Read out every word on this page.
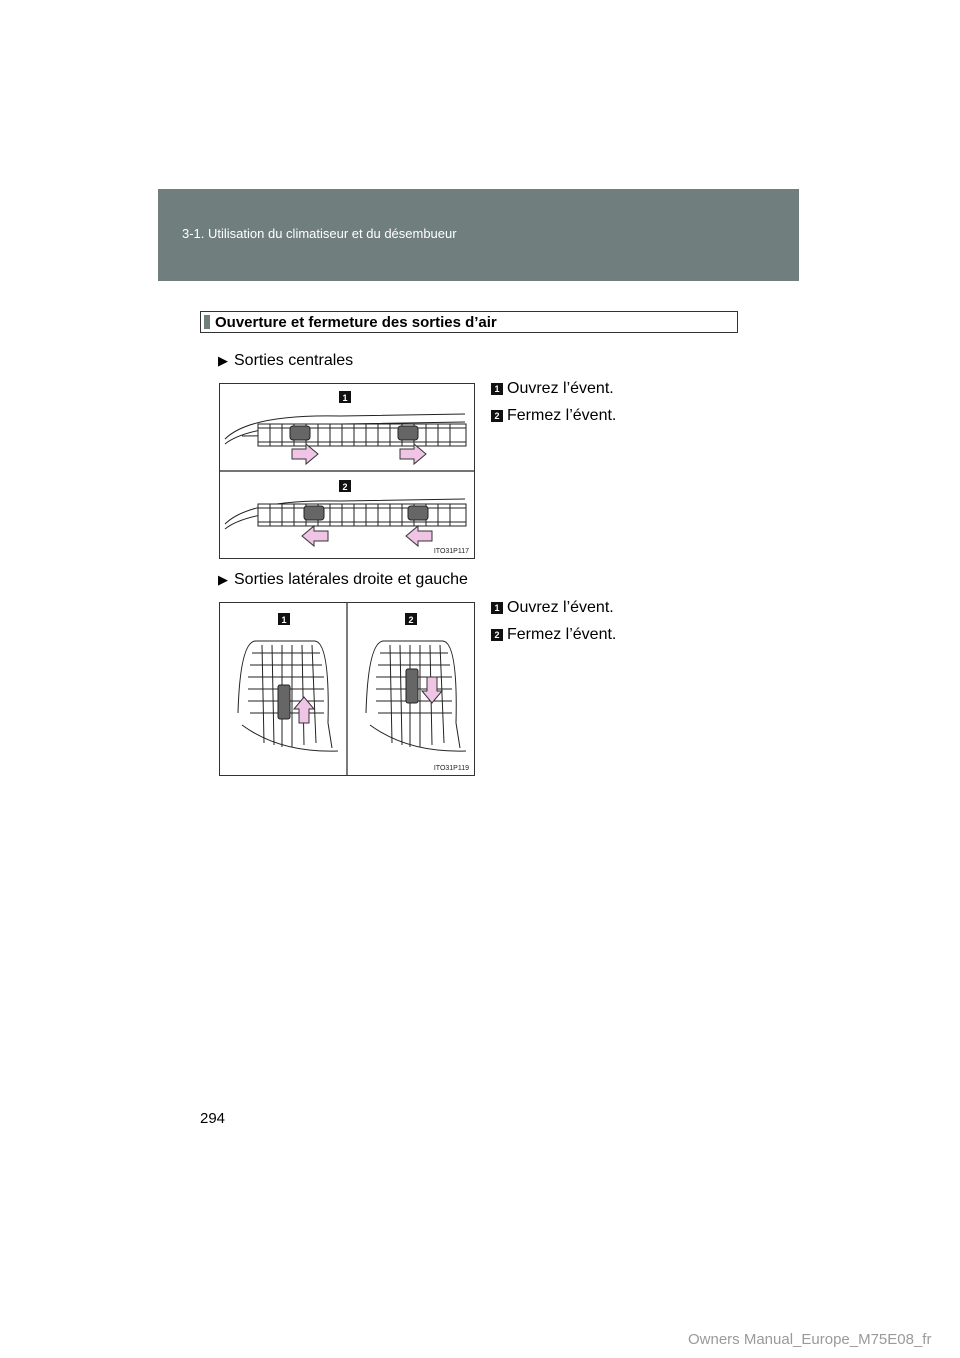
3-1. Utilisation du climatiseur et du désembueur
Ouverture et fermeture des sorties d’air
▶ Sorties centrales
1
2
ITO31P117
1 Ouvrez l’évent.
2 Fermez l’évent.
▶ Sorties latérales droite et gauche
1	2
ITO31P119
1 Ouvrez l’évent.
2 Fermez l’évent.
294
Owners Manual_Europe_M75E08_fr
